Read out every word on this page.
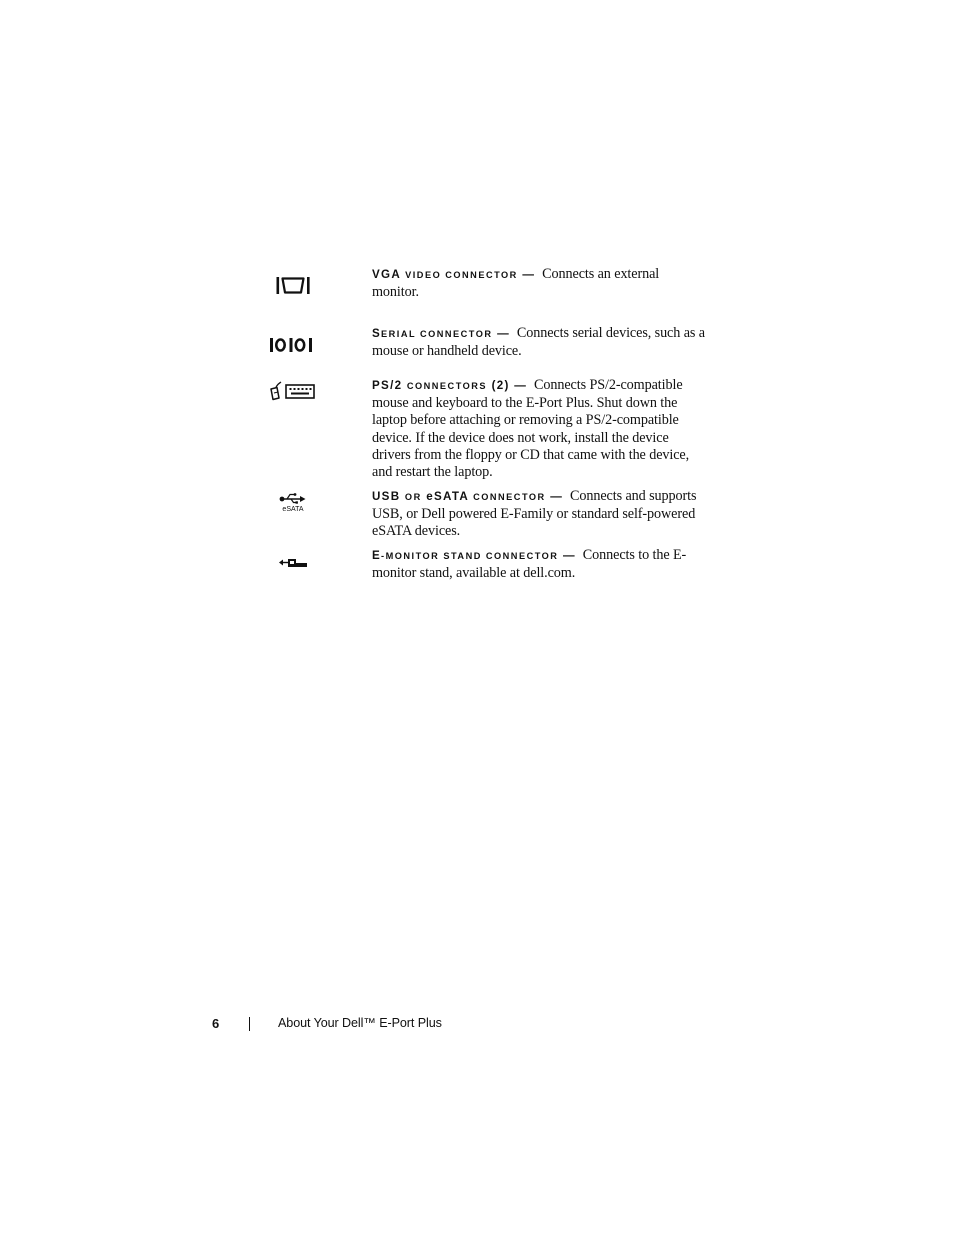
VGA VIDEO CONNECTOR — Connects an external monitor.
SERIAL CONNECTOR — Connects serial devices, such as a mouse or handheld device.
PS/2 CONNECTORS (2) — Connects PS/2-compatible mouse and keyboard to the E-Port Plus. Shut down the laptop before attaching or removing a PS/2-compatible device. If the device does not work, install the device drivers from the floppy or CD that came with the device, and restart the laptop.
eSATA
USB OR eSATA CONNECTOR — Connects and supports USB, or Dell powered E-Family or standard self-powered eSATA devices.
E-MONITOR STAND CONNECTOR — Connects to the E-monitor stand, available at dell.com.
6	About Your Dell™ E-Port Plus
